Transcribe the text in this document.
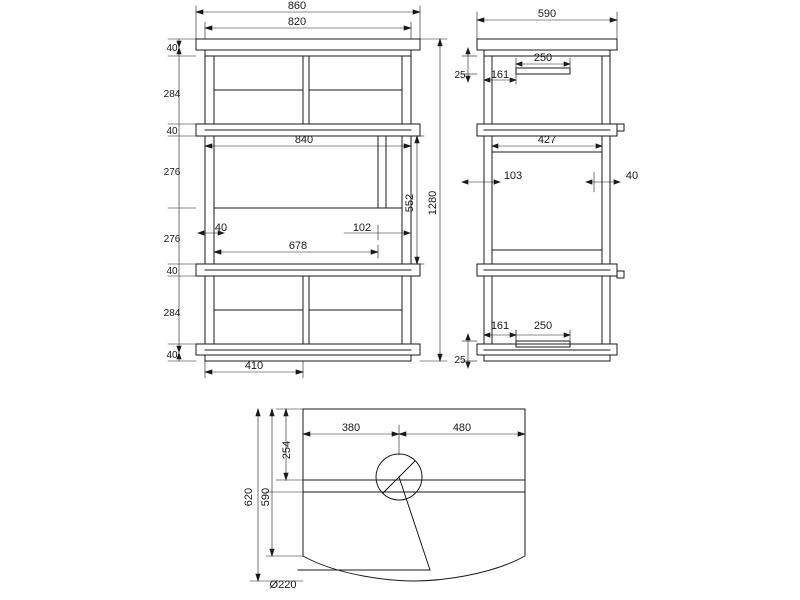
860
820
40
284
40
276
276
40
284
40
840
678
40	102
410
552 1280
590
250
161
25
427
103	40
161 250
25
380	480
254
590
620
Ø220
